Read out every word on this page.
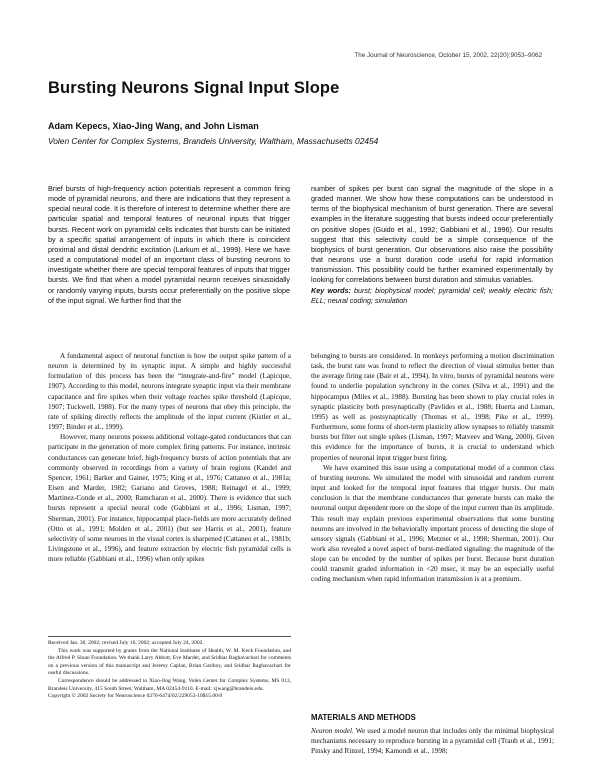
The Journal of Neuroscience, October 15, 2002, 22(20):9053–9062
Bursting Neurons Signal Input Slope
Adam Kepecs, Xiao-Jing Wang, and John Lisman
Volen Center for Complex Systems, Brandeis University, Waltham, Massachusetts 02454

Brief bursts of high-frequency action potentials represent a common firing mode of pyramidal neurons, and there are indications that they represent a special neural code. It is therefore of interest to determine whether there are particular spatial and temporal features of neuronal inputs that trigger bursts. Recent work on pyramidal cells indicates that bursts can be initiated by a specific spatial arrangement of inputs in which there is coincident proximal and distal dendritic excitation (Larkum et al., 1999). Here we have used a computational model of an important class of bursting neurons to investigate whether there are special temporal features of inputs that trigger bursts. We find that when a model pyramidal neuron receives sinusoidally or randomly varying inputs, bursts occur preferentially on the positive slope of the input signal. We further find that the

number of spikes per burst can signal the magnitude of the slope in a graded manner. We show how these computations can be understood in terms of the biophysical mechanism of burst generation. There are several examples in the literature suggesting that bursts indeed occur preferentially on positive slopes (Guido et al., 1992; Gabbiani et al., 1996). Our results suggest that this selectivity could be a simple consequence of the biophysics of burst generation. Our observations also raise the possibility that neurons use a burst duration code useful for rapid information transmission. This possibility could be further examined experimentally by looking for correlations between burst duration and stimulus variables.

Key words: burst; biophysical model; pyramidal cell; weakly electric fish; ELL; neural coding; simulation

A fundamental aspect of neuronal function is how the output spike pattern of a neuron is determined by its synaptic input. A simple and highly successful formulation of this process has been the “integrate-and-fire” model (Lapicque, 1907). According to this model, neurons integrate synaptic input via their membrane capacitance and fire spikes when their voltage reaches spike threshold (Lapicque, 1907; Tuckwell, 1988). For the many types of neurons that obey this principle, the rate of spiking directly reflects the amplitude of the input current (Kistler et al., 1997; Binder et al., 1999).

However, many neurons possess additional voltage-gated conductances that can participate in the generation of more complex firing patterns. For instance, intrinsic conductances can generate brief, high-frequency bursts of action potentials that are commonly observed in recordings from a variety of brain regions (Kandel and Spencer, 1961; Barker and Gainer, 1975; King et al., 1976; Cattaneo et al., 1981a; Eisen and Marder, 1982; Gariano and Groves, 1988; Reinagel et al., 1999; Martinez-Conde et al., 2000; Ramcharan et al., 2000). There is evidence that such bursts represent a special neural code (Gabbiani et al., 1996; Lisman, 1997; Sherman, 2001). For instance, hippocampal place-fields are more accurately defined (Otto et al., 1991; Molden et al., 2001) (but see Harris et al., 2001), feature selectivity of some neurons in the visual cortex is sharpened (Cattaneo et al., 1981b; Livingstone et al., 1996), and feature extraction by electric fish pyramidal cells is more reliable (Gabbiani et al., 1996) when only spikes

belonging to bursts are considered. In monkeys performing a motion discrimination task, the burst rate was found to reflect the direction of visual stimulus better than the average firing rate (Bair et al., 1994). In vitro, bursts of pyramidal neurons were found to underlie population synchrony in the cortex (Silva et al., 1991) and the hippocampus (Miles et al., 1988). Bursting has been shown to play crucial roles in synaptic plasticity both presynaptically (Pavlides et al., 1988; Huerta and Lisman, 1995) as well as postsynaptically (Thomas et al., 1998; Pike et al., 1999). Furthermore, some forms of short-term plasticity allow synapses to reliably transmit bursts but filter out single spikes (Lisman, 1997; Matveev and Wang, 2000). Given this evidence for the importance of bursts, it is crucial to understand which properties of neuronal input trigger burst firing.

We have examined this issue using a computational model of a common class of bursting neurons. We simulated the model with sinusoidal and random current input and looked for the temporal input features that trigger bursts. Our main conclusion is that the membrane conductances that generate bursts can make the neuronal output dependent more on the slope of the input current than its amplitude. This result may explain previous experimental observations that some bursting neurons are involved in the behaviorally important process of detecting the slope of sensory signals (Gabbiani et al., 1996; Metzner et al., 1998; Sherman, 2001). Our work also revealed a novel aspect of burst-mediated signaling: the magnitude of the slope can be encoded by the number of spikes per burst. Because burst duration could transmit graded information in <20 msec, it may be an especially useful coding mechanism when rapid information transmission is at a premium.

Received Jan. 30, 2002; revised July 16, 2002; accepted July 24, 2002.

This work was supported by grants from the National Institutes of Health, W. M. Keck Foundation, and the Alfred P. Sloan Foundation. We thank Larry Abbott, Eve Marder, and Sridhar Raghavachari for comments on a previous version of this manuscript and Jeremy Caplan, Brian Gariboy, and Sridhar Raghavachari for useful discussions.

Correspondence should be addressed to Xiao-Jing Wang, Volen Center for Complex Systems, MS 013, Brandeis University, 415 South Street, Waltham, MA 02454-9110. E-mail: xjwang@brandeis.edu.

Copyright © 2002 Society for Neuroscience 0270-6474/02/229053-10$15.00/0

MATERIALS AND METHODS

Neuron model. We used a model neuron that includes only the minimal biophysical mechanisms necessary to reproduce bursting in a pyramidal cell (Traub et al., 1991; Pinsky and Rinzel, 1994; Kamondi et al., 1998;
